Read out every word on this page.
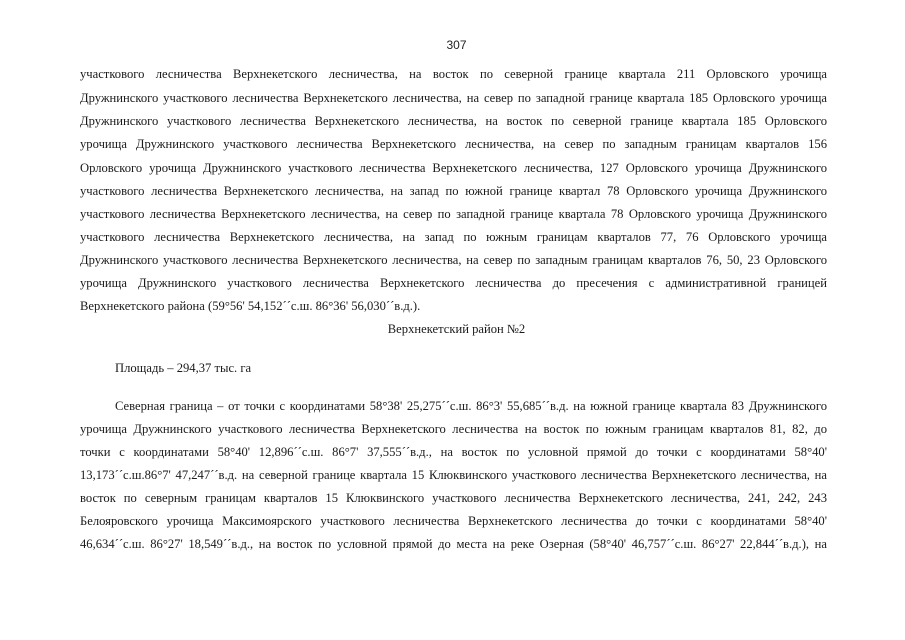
307
участкового лесничества Верхнекетского лесничества, на восток по северной границе квартала 211 Орловского урочища
Дружнинского участкового лесничества Верхнекетского лесничества, на север по западной границе квартала 185 Орловского урочища
Дружнинского участкового лесничества Верхнекетского лесничества, на восток по северной границе квартала 185 Орловского
урочища Дружнинского участкового лесничества Верхнекетского лесничества, на север по западным границам кварталов 156
Орловского урочища Дружнинского участкового лесничества Верхнекетского лесничества, 127 Орловского урочища Дружнинского
участкового лесничества Верхнекетского лесничества, на запад по южной границе квартал 78 Орловского урочища Дружнинского
участкового лесничества Верхнекетского лесничества, на север по западной границе квартала 78 Орловского урочища Дружнинского
участкового лесничества Верхнекетского лесничества, на запад по южным границам кварталов 77, 76 Орловского урочища
Дружнинского участкового лесничества Верхнекетского лесничества, на север по западным границам кварталов 76, 50, 23 Орловского
урочища Дружнинского участкового лесничества Верхнекетского лесничества до пресечения с административной границей
Верхнекетского района (59°56' 54,152´´с.ш. 86°36' 56,030´´в.д.).
Верхнекетский район №2
Площадь – 294,37 тыс. га
Северная граница – от точки с координатами 58°38' 25,275´´с.ш. 86°3' 55,685´´в.д. на южной границе квартала 83 Дружнинского
урочища Дружнинского участкового лесничества Верхнекетского лесничества на восток по южным границам кварталов 81, 82, до
точки с координатами 58°40' 12,896´´с.ш. 86°7' 37,555´´в.д., на восток по условной прямой до точки с координатами 58°40'
13,173´´с.ш.86°7' 47,247´´в.д. на северной границе квартала 15 Клюквинского участкового лесничества Верхнекетского лесничества, на
восток по северным границам кварталов 15 Клюквинского участкового лесничества Верхнекетского лесничества, 241, 242, 243
Белояровского урочища Максимоярского участкового лесничества Верхнекетского лесничества до точки с координатами 58°40'
46,634´´с.ш. 86°27' 18,549´´в.д., на восток по условной прямой до места на реке Озерная (58°40' 46,757´´с.ш. 86°27' 22,844´´в.д.), на
